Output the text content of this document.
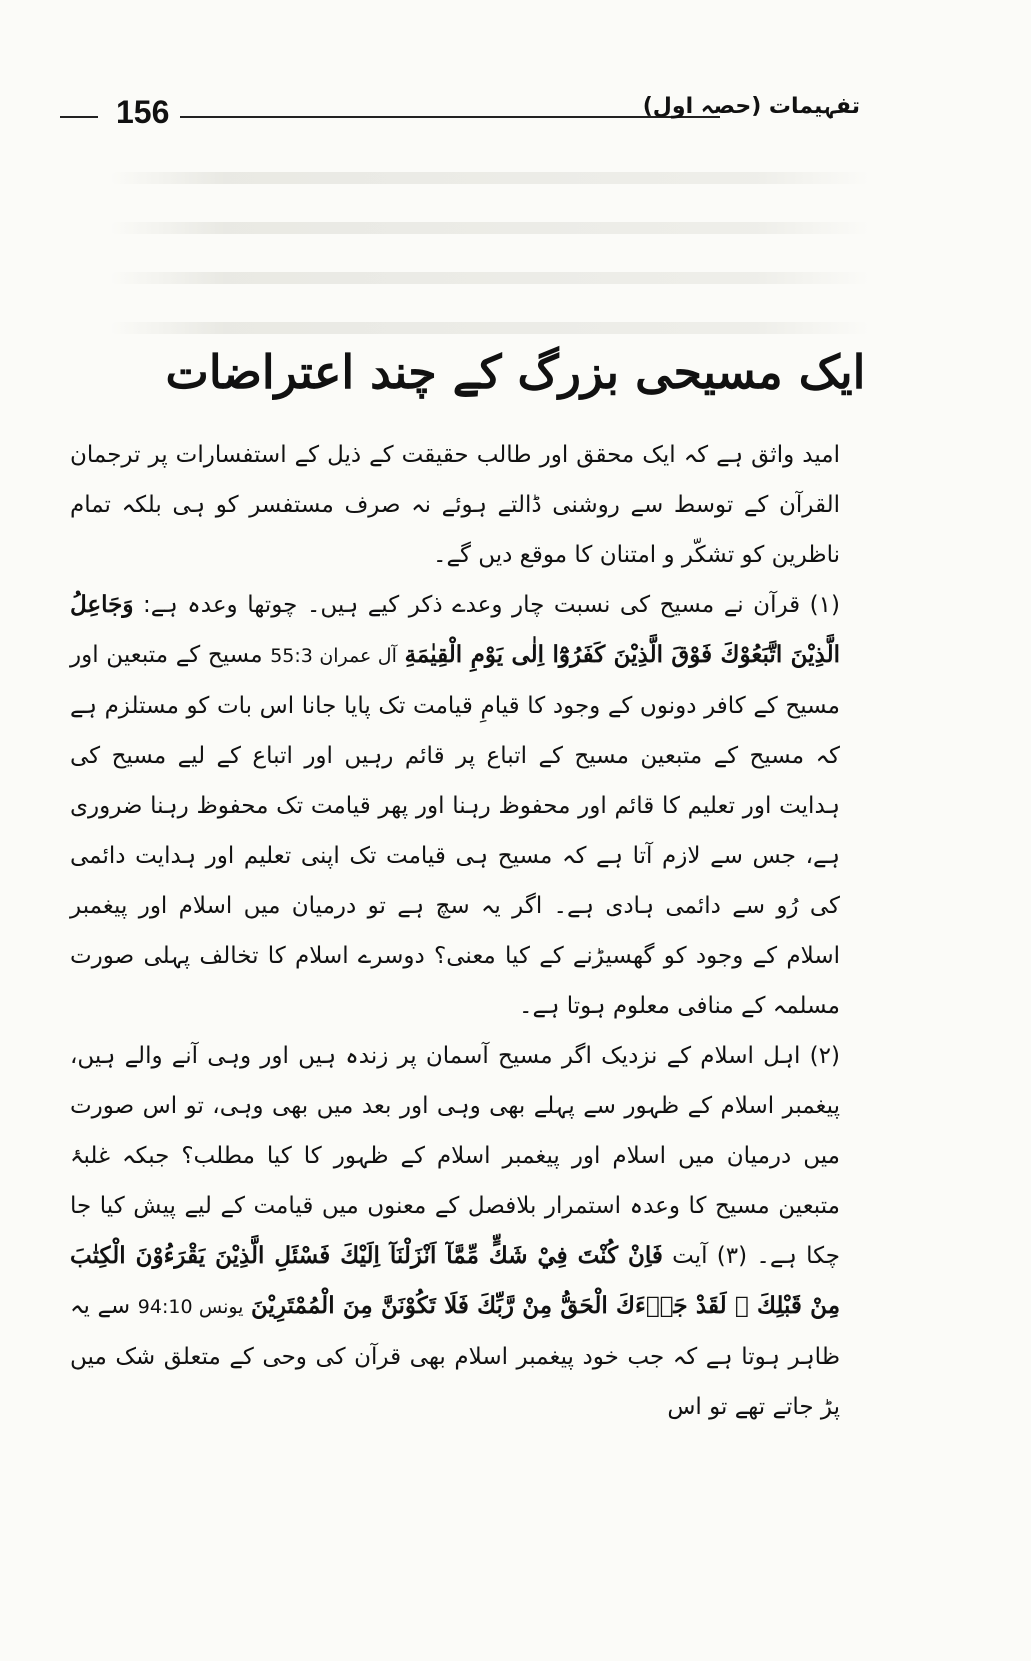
156	تفہیمات (حصہ اول)
ایک مسیحی بزرگ کے چند اعتراضات

امید واثق ہے کہ ایک محقق اور طالب حقیقت کے ذیل کے استفسارات پر ترجمان القرآن کے توسط سے روشنی ڈالتے ہوئے نہ صرف مستفسر کو ہی بلکہ تمام ناظرین کو تشکّر و امتنان کا موقع دیں گے۔

(۱) قرآن نے مسیح کی نسبت چار وعدے ذکر کیے ہیں۔ چوتھا وعدہ ہے: وَجَاعِلُ الَّذِيْنَ اتَّبَعُوْكَ فَوْقَ الَّذِيْنَ كَفَرُوْٓا اِلٰى يَوْمِ الْقِيٰمَةِ آل عمران 55:3 مسیح کے متبعین اور مسیح کے کافر دونوں کے وجود کا قیامِ قیامت تک پایا جانا اس بات کو مستلزم ہے کہ مسیح کے متبعین مسیح کے اتباع پر قائم رہیں اور اتباع کے لیے مسیح کی ہدایت اور تعلیم کا قائم اور محفوظ رہنا اور پھر قیامت تک محفوظ رہنا ضروری ہے، جس سے لازم آتا ہے کہ مسیح ہی قیامت تک اپنی تعلیم اور ہدایت دائمی کی رُو سے دائمی ہادی ہے۔ اگر یہ سچ ہے تو درمیان میں اسلام اور پیغمبر اسلام کے وجود کو گھسیڑنے کے کیا معنی؟ دوسرے اسلام کا تخالف پہلی صورت مسلمہ کے منافی معلوم ہوتا ہے۔

(۲) اہل اسلام کے نزدیک اگر مسیح آسمان پر زندہ ہیں اور وہی آنے والے ہیں، پیغمبر اسلام کے ظہور سے پہلے بھی وہی اور بعد میں بھی وہی، تو اس صورت میں درمیان میں اسلام اور پیغمبر اسلام کے ظہور کا کیا مطلب؟ جبکہ غلبۂ متبعین مسیح کا وعدہ استمرار بلافصل کے معنوں میں قیامت کے لیے پیش کیا جا چکا ہے۔ (۳) آیت فَاِنْ كُنْتَ فِيْ شَكٍّ مِّمَّآ اَنْزَلْنَآ اِلَيْكَ فَسْئَلِ الَّذِيْنَ يَقْرَءُوْنَ الْكِتٰبَ مِنْ قَبْلِكَ ۚ لَقَدْ جَاۗءَكَ الْحَقُّ مِنْ رَّبِّكَ فَلَا تَكُوْنَنَّ مِنَ الْمُمْتَرِيْنَ یونس 94:10 سے یہ ظاہر ہوتا ہے کہ جب خود پیغمبر اسلام بھی قرآن کی وحی کے متعلق شک میں پڑ جاتے تھے تو اس
